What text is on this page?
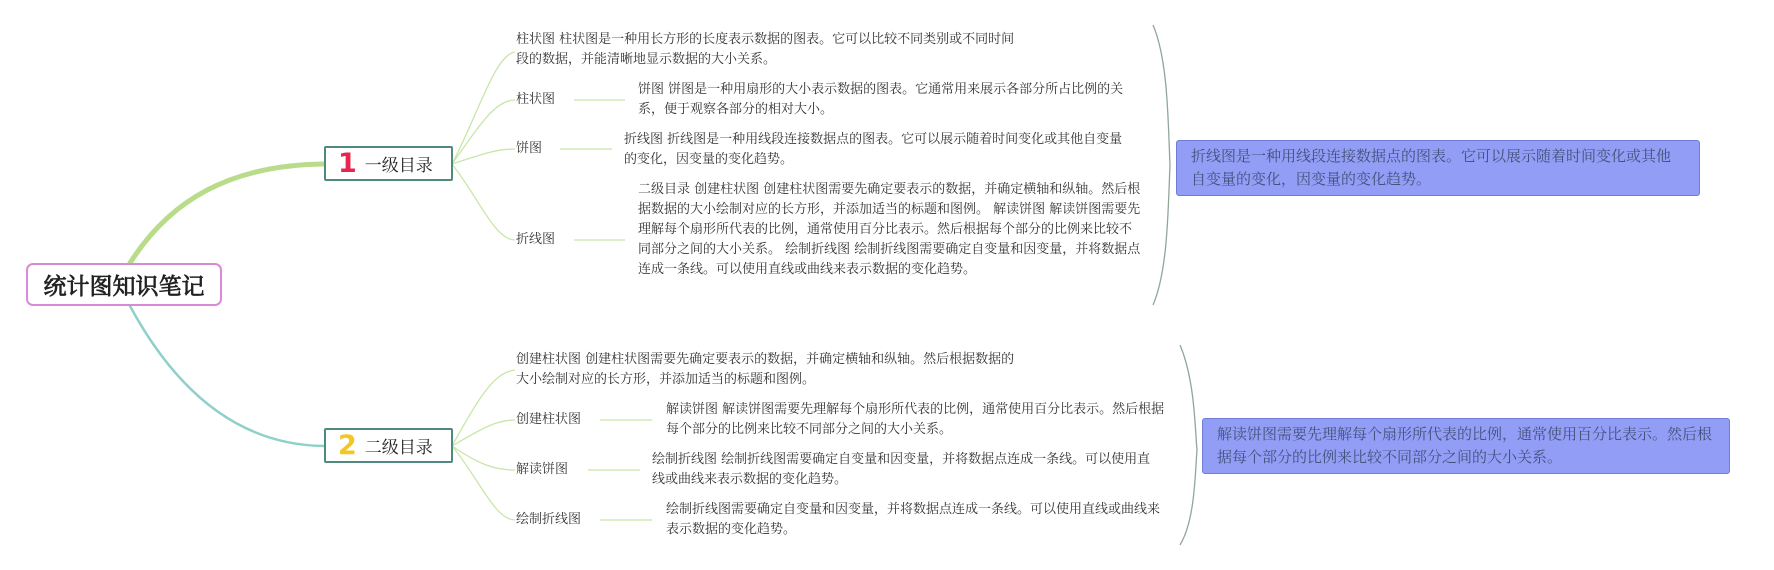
统计图知识笔记
1 一级目录
2 二级目录
柱状图 柱状图是一种用长方形的长度表示数据的图表。它可以比较不同类别或不同时间段的数据，并能清晰地显示数据的大小关系。
柱状图
饼图 饼图是一种用扇形的大小表示数据的图表。它通常用来展示各部分所占比例的关系，便于观察各部分的相对大小。
饼图
折线图 折线图是一种用线段连接数据点的图表。它可以展示随着时间变化或其他自变量的变化，因变量的变化趋势。
折线图
二级目录 创建柱状图 创建柱状图需要先确定要表示的数据，并确定横轴和纵轴。然后根据数据的大小绘制对应的长方形，并添加适当的标题和图例。 解读饼图 解读饼图需要先理解每个扇形所代表的比例，通常使用百分比表示。然后根据每个部分的比例来比较不同部分之间的大小关系。 绘制折线图 绘制折线图需要确定自变量和因变量，并将数据点连成一条线。可以使用直线或曲线来表示数据的变化趋势。
折线图是一种用线段连接数据点的图表。它可以展示随着时间变化或其他自变量的变化，因变量的变化趋势。
创建柱状图 创建柱状图需要先确定要表示的数据，并确定横轴和纵轴。然后根据数据的大小绘制对应的长方形，并添加适当的标题和图例。
创建柱状图
解读饼图 解读饼图需要先理解每个扇形所代表的比例，通常使用百分比表示。然后根据每个部分的比例来比较不同部分之间的大小关系。
解读饼图
绘制折线图 绘制折线图需要确定自变量和因变量，并将数据点连成一条线。可以使用直线或曲线来表示数据的变化趋势。
绘制折线图
绘制折线图需要确定自变量和因变量，并将数据点连成一条线。可以使用直线或曲线来表示数据的变化趋势。
解读饼图需要先理解每个扇形所代表的比例，通常使用百分比表示。然后根据每个部分的比例来比较不同部分之间的大小关系。
